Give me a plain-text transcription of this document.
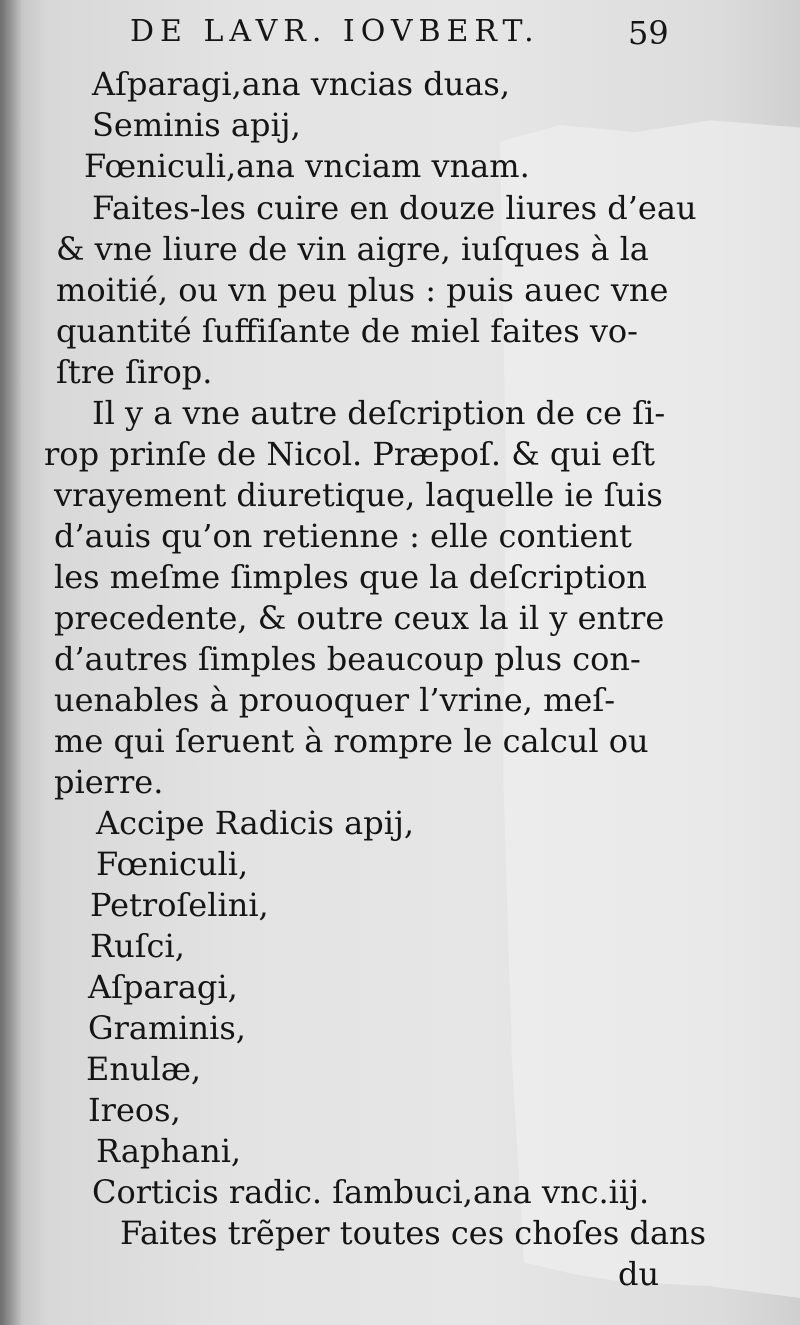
DE LAVR. IOVBERT.	59
Aſparagi,ana vncias duas,
Seminis apij,
Fœniculi,ana vnciam vnam.
Faites-les cuire en douze liures d’eau
& vne liure de vin aigre, iuſques à la
moitié, ou vn peu plus : puis auec vne
quantité ſuffiſante de miel faites vo-
ſtre ſirop.
Il y a vne autre deſcription de ce ſi-
rop prinſe de Nicol. Præpoſ. & qui eſt
vrayement diuretique, laquelle ie ſuis
d’auis qu’on retienne : elle contient
les meſme ſimples que la deſcription
precedente, & outre ceux la il y entre
d’autres ſimples beaucoup plus con-
uenables à prouoquer l’vrine, meſ-
me qui ſeruent à rompre le calcul ou
pierre.
Accipe Radicis apij,
Fœniculi,
Petroſelini,
Ruſci,
Aſparagi,
Graminis,
Enulæ,
Ireos,
Raphani,
Corticis radic. ſambuci,ana vnc.iij.
Faites trẽper toutes ces choſes dans
du
